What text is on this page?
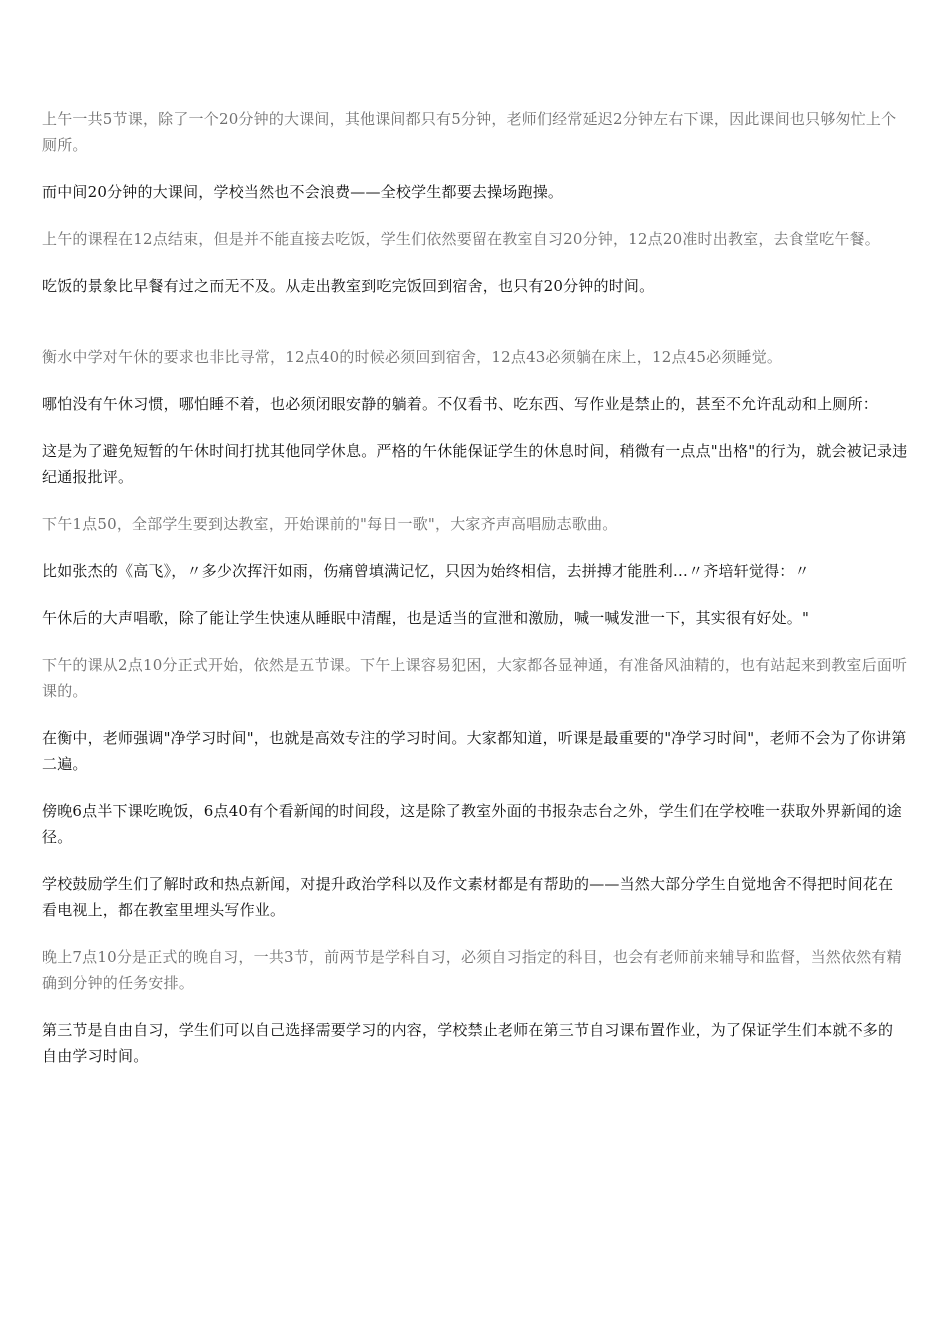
上午一共5节课，除了一个20分钟的大课间，其他课间都只有5分钟，老师们经常延迟2分钟左右下课，因此课间也只够匆忙上个厕所。

而中间20分钟的大课间，学校当然也不会浪费——全校学生都要去操场跑操。

上午的课程在12点结束，但是并不能直接去吃饭，学生们依然要留在教室自习20分钟，12点20准时出教室，去食堂吃午餐。

吃饭的景象比早餐有过之而无不及。从走出教室到吃完饭回到宿舍，也只有20分钟的时间。

衡水中学对午休的要求也非比寻常，12点40的时候必须回到宿舍，12点43必须躺在床上，12点45必须睡觉。

哪怕没有午休习惯，哪怕睡不着，也必须闭眼安静的躺着。不仅看书、吃东西、写作业是禁止的，甚至不允许乱动和上厕所：

这是为了避免短暂的午休时间打扰其他同学休息。严格的午休能保证学生的休息时间，稍微有一点点"出格"的行为，就会被记录违纪通报批评。

下午1点50，全部学生要到达教室，开始课前的"每日一歌"，大家齐声高唱励志歌曲。

比如张杰的《高飞》，〃多少次挥汗如雨，伤痛曾填满记忆，只因为始终相信，去拼搏才能胜利…〃齐培轩觉得：〃

午休后的大声唱歌，除了能让学生快速从睡眠中清醒，也是适当的宣泄和激励，喊一喊发泄一下，其实很有好处。"

下午的课从2点10分正式开始，依然是五节课。下午上课容易犯困，大家都各显神通，有准备风油精的，也有站起来到教室后面听课的。

在衡中，老师强调"净学习时间"，也就是高效专注的学习时间。大家都知道，听课是最重要的"净学习时间"，老师不会为了你讲第二遍。

傍晚6点半下课吃晚饭，6点40有个看新闻的时间段，这是除了教室外面的书报杂志台之外，学生们在学校唯一获取外界新闻的途径。

学校鼓励学生们了解时政和热点新闻，对提升政治学科以及作文素材都是有帮助的——当然大部分学生自觉地舍不得把时间花在看电视上，都在教室里埋头写作业。

晚上7点10分是正式的晚自习，一共3节，前两节是学科自习，必须自习指定的科目，也会有老师前来辅导和监督，当然依然有精确到分钟的任务安排。

第三节是自由自习，学生们可以自己选择需要学习的内容，学校禁止老师在第三节自习课布置作业，为了保证学生们本就不多的自由学习时间。
